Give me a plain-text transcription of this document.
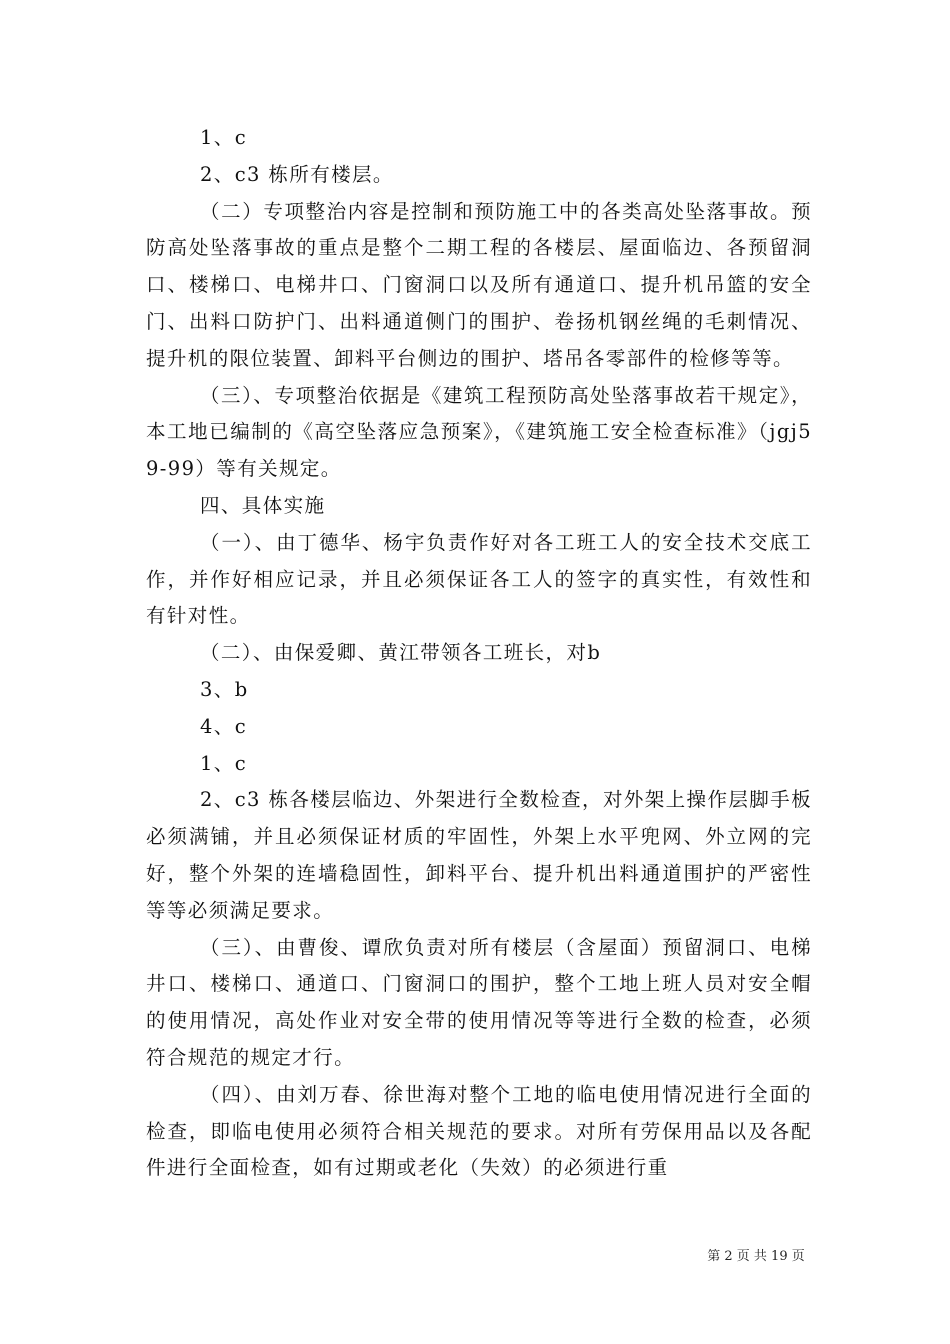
1、c

2、c3 栋所有楼层。

（二）专项整治内容是控制和预防施工中的各类高处坠落事故。预防高处坠落事故的重点是整个二期工程的各楼层、屋面临边、各预留洞口、楼梯口、电梯井口、门窗洞口以及所有通道口、提升机吊篮的安全门、出料口防护门、出料通道侧门的围护、卷扬机钢丝绳的毛刺情况、提升机的限位装置、卸料平台侧边的围护、塔吊各零部件的检修等等。

（三）、专项整治依据是《建筑工程预防高处坠落事故若干规定》，本工地已编制的《高空坠落应急预案》，《建筑施工安全检查标准》（jgj59-99）等有关规定。

四、具体实施

（一）、由丁德华、杨宇负责作好对各工班工人的安全技术交底工作，并作好相应记录，并且必须保证各工人的签字的真实性，有效性和有针对性。

（二）、由保爱卿、黄江带领各工班长，对b

3、b

4、c

1、c

2、c3 栋各楼层临边、外架进行全数检查，对外架上操作层脚手板必须满铺，并且必须保证材质的牢固性，外架上水平兜网、外立网的完好，整个外架的连墙稳固性，卸料平台、提升机出料通道围护的严密性等等必须满足要求。

（三）、由曹俊、谭欣负责对所有楼层（含屋面）预留洞口、电梯井口、楼梯口、通道口、门窗洞口的围护，整个工地上班人员对安全帽的使用情况，高处作业对安全带的使用情况等等进行全数的检查，必须符合规范的规定才行。

（四）、由刘万春、徐世海对整个工地的临电使用情况进行全面的检查，即临电使用必须符合相关规范的要求。对所有劳保用品以及各配件进行全面检查，如有过期或老化（失效）的必须进行重

第 2 页 共 19 页
